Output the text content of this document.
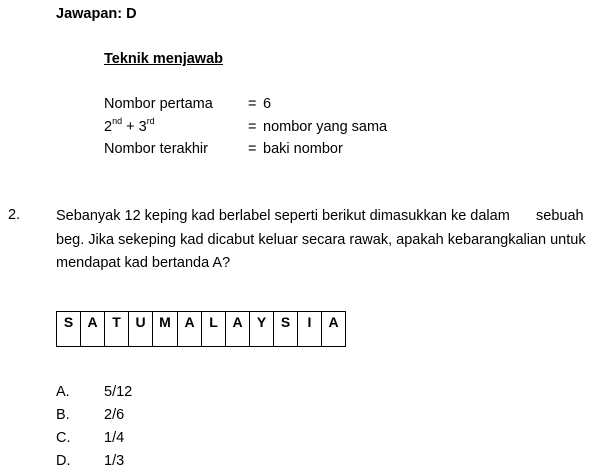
Jawapan: D
Teknik menjawab
Nombor pertama = 6
2nd + 3rd	= nombor yang sama
Nombor terakhir	= baki nombor
2. Sebanyak 12 keping kad berlabel seperti berikut dimasukkan ke dalam
beg. Jika sekeping kad dicabut keluar secara rawak, apakah kebarangkalian untuk
mendapat kad bertanda A?
sebuah
S	A	T	U	M	A	L	A	Y	S	I	A
A. 5/12
B. 2/6
C. 1/4
D. 1/3
